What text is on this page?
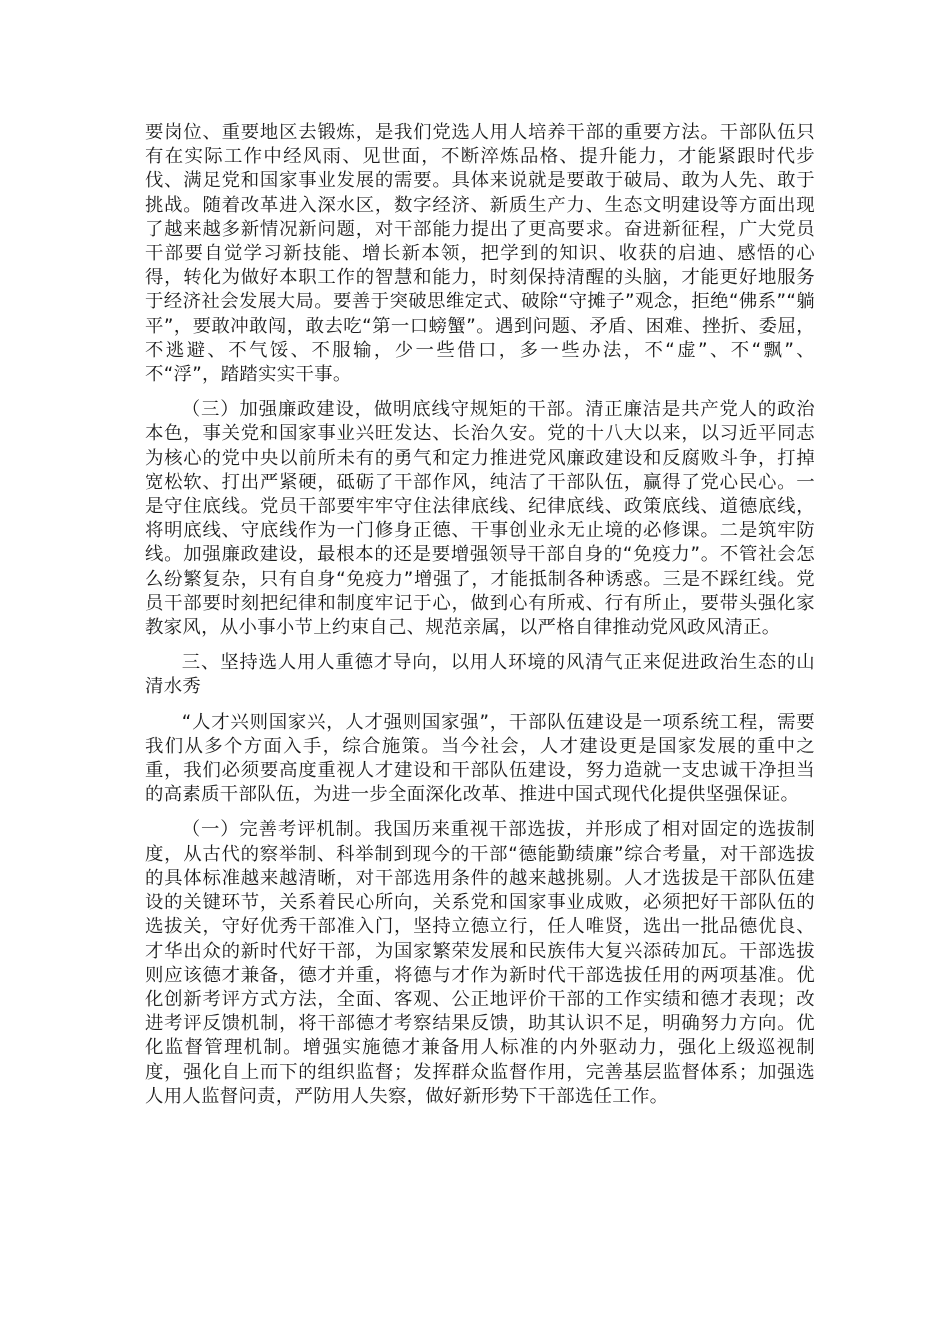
要岗位、重要地区去锻炼，是我们党选人用人培养干部的重要方法。干部队伍只有在实际工作中经风雨、见世面，不断淬炼品格、提升能力，才能紧跟时代步伐、满足党和国家事业发展的需要。具体来说就是要敢于破局、敢为人先、敢于挑战。随着改革进入深水区，数字经济、新质生产力、生态文明建设等方面出现了越来越多新情况新问题，对干部能力提出了更高要求。奋进新征程，广大党员干部要自觉学习新技能、增长新本领，把学到的知识、收获的启迪、感悟的心得，转化为做好本职工作的智慧和能力，时刻保持清醒的头脑，才能更好地服务于经济社会发展大局。要善于突破思维定式、破除“守摊子”观念，拒绝“佛系”“躺平”，要敢冲敢闯，敢去吃“第一口螃蟹”。遇到问题、矛盾、困难、挫折、委屈，不逃避、不气馁、不服输，少一些借口，多一些办法，不“虚”、不“飘”、不“浮”，踏踏实实干事。

（三）加强廉政建设，做明底线守规矩的干部。清正廉洁是共产党人的政治本色，事关党和国家事业兴旺发达、长治久安。党的十八大以来，以习近平同志为核心的党中央以前所未有的勇气和定力推进党风廉政建设和反腐败斗争，打掉宽松软、打出严紧硬，砥砺了干部作风，纯洁了干部队伍，赢得了党心民心。一是守住底线。党员干部要牢牢守住法律底线、纪律底线、政策底线、道德底线，将明底线、守底线作为一门修身正德、干事创业永无止境的必修课。二是筑牢防线。加强廉政建设，最根本的还是要增强领导干部自身的“免疫力”。不管社会怎么纷繁复杂，只有自身“免疫力”增强了，才能抵制各种诱惑。三是不踩红线。党员干部要时刻把纪律和制度牢记于心，做到心有所戒、行有所止，要带头强化家教家风，从小事小节上约束自己、规范亲属，以严格自律推动党风政风清正。

三、坚持选人用人重德才导向，以用人环境的风清气正来促进政治生态的山清水秀

“人才兴则国家兴，人才强则国家强”，干部队伍建设是一项系统工程，需要我们从多个方面入手，综合施策。当今社会，人才建设更是国家发展的重中之重，我们必须要高度重视人才建设和干部队伍建设，努力造就一支忠诚干净担当的高素质干部队伍，为进一步全面深化改革、推进中国式现代化提供坚强保证。

（一）完善考评机制。我国历来重视干部选拔，并形成了相对固定的选拔制度，从古代的察举制、科举制到现今的干部“德能勤绩廉”综合考量，对干部选拔的具体标准越来越清晰，对干部选用条件的越来越挑剔。人才选拔是干部队伍建设的关键环节，关系着民心所向，关系党和国家事业成败，必须把好干部队伍的选拔关，守好优秀干部准入门，坚持立德立行，任人唯贤，选出一批品德优良、才华出众的新时代好干部，为国家繁荣发展和民族伟大复兴添砖加瓦。干部选拔则应该德才兼备，德才并重，将德与才作为新时代干部选拔任用的两项基准。优化创新考评方式方法，全面、客观、公正地评价干部的工作实绩和德才表现；改进考评反馈机制，将干部德才考察结果反馈，助其认识不足，明确努力方向。优化监督管理机制。增强实施德才兼备用人标准的内外驱动力，强化上级巡视制度，强化自上而下的组织监督；发挥群众监督作用，完善基层监督体系；加强选人用人监督问责，严防用人失察，做好新形势下干部选任工作。
